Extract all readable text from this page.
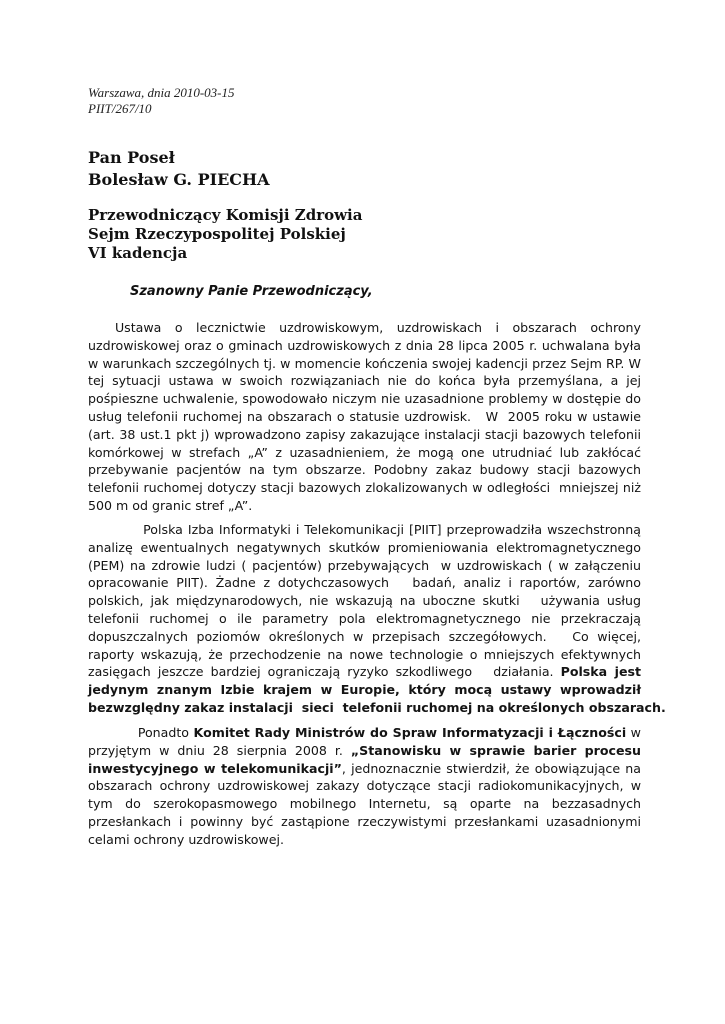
Warszawa, dnia 2010-03-15
PIIT/267/10
Pan Poseł
Bolesław G. PIECHA
Przewodniczący Komisji Zdrowia
Sejm Rzeczypospolitej Polskiej
VI kadencja
Szanowny Panie Przewodniczący,
Ustawa  o  lecznictwie  uzdrowiskowym,  uzdrowiskach  i  obszarach  ochrony
uzdrowiskowej oraz o gminach uzdrowiskowych z dnia 28 lipca 2005 r. uchwalana była
w warunkach szczególnych tj. w momencie kończenia swojej kadencji przez Sejm RP. W
tej sytuacji ustawa w swoich rozwiązaniach nie do końca była przemyślana, a jej
pośpieszne uchwalenie, spowodowało niczym nie uzasadnione problemy w dostępie do
usług telefonii ruchomej na obszarach o statusie uzdrowisk.   W  2005 roku w ustawie
(art. 38 ust.1 pkt j) wprowadzono zapisy zakazujące instalacji stacji bazowych telefonii
komórkowej w strefach „A” z uzasadnieniem, że mogą one utrudniać lub zakłócać
przebywanie pacjentów na tym obszarze. Podobny zakaz budowy stacji bazowych
telefonii ruchomej dotyczy stacji bazowych zlokalizowanych w odległości  mniejszej niż
500 m od granic stref „A”.
Polska Izba Informatyki i Telekomunikacji [PIIT] przeprowadziła wszechstronną
analizę ewentualnych negatywnych skutków promieniowania elektromagnetycznego
(PEM) na zdrowie ludzi ( pacjentów) przebywających  w uzdrowiskach ( w załączeniu
opracowanie PIIT). Żadne z dotychczasowych   badań, analiz i raportów, zarówno
polskich, jak międzynarodowych, nie wskazują na uboczne skutki   używania usług
telefonii ruchomej o ile parametry pola elektromagnetycznego nie przekraczają
dopuszczalnych poziomów określonych w przepisach szczegółowych.   Co więcej,
raporty wskazują, że przechodzenie na nowe technologie o mniejszych efektywnych
zasięgach jeszcze bardziej ograniczają ryzyko szkodliwego   działania. Polska jest
jedynym znanym Izbie krajem w Europie, który mocą ustawy wprowadził
bezwzględny zakaz instalacji  sieci  telefonii ruchomej na określonych obszarach.
Ponadto Komitet Rady Ministrów do Spraw Informatyzacji i Łączności w
przyjętym w dniu 28 sierpnia 2008 r. „Stanowisku w sprawie barier procesu
inwestycyjnego w telekomunikacji”, jednoznacznie stwierdził, że obowiązujące na
obszarach ochrony uzdrowiskowej zakazy dotyczące stacji radiokomunikacyjnych, w
tym do szerokopasmowego mobilnego Internetu, są oparte na bezzasadnych
przesłankach i powinny być zastąpione rzeczywistymi przesłankami uzasadnionymi
celami ochrony uzdrowiskowej.
